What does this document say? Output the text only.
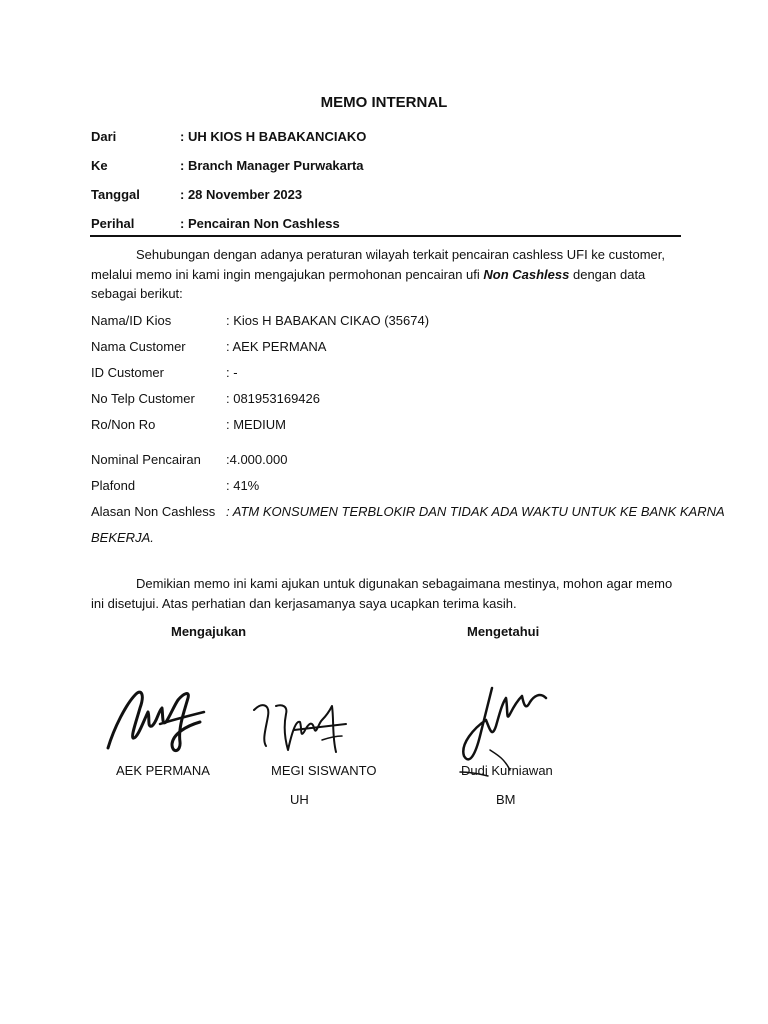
MEMO INTERNAL
Dari	: UH KIOS H BABAKANCIAKO
Ke	: Branch Manager Purwakarta
Tanggal	: 28 November 2023
Perihal	: Pencairan Non Cashless
Sehubungan dengan adanya peraturan wilayah terkait pencairan cashless UFI ke customer, melalui memo ini kami ingin mengajukan permohonan pencairan ufi Non Cashless dengan data sebagai berikut:
Nama/ID Kios	: Kios H BABAKAN CIKAO (35674)
Nama Customer	: AEK PERMANA
ID Customer	: -
No Telp Customer : 081953169426
Ro/Non Ro	: MEDIUM
Nominal Pencairan :4.000.000
Plafond	: 41%
Alasan Non Cashless : ATM KONSUMEN TERBLOKIR DAN TIDAK ADA WAKTU UNTUK KE BANK KARNA
BEKERJA.
Demikian memo ini kami ajukan untuk digunakan sebagaimana mestinya, mohon agar memo ini disetujui. Atas perhatian dan kerjasamanya saya ucapkan terima kasih.
Mengajukan	Mengetahui
AEK PERMANA	MEGI SISWANTO	Dudi Kurniawan
UH	BM
